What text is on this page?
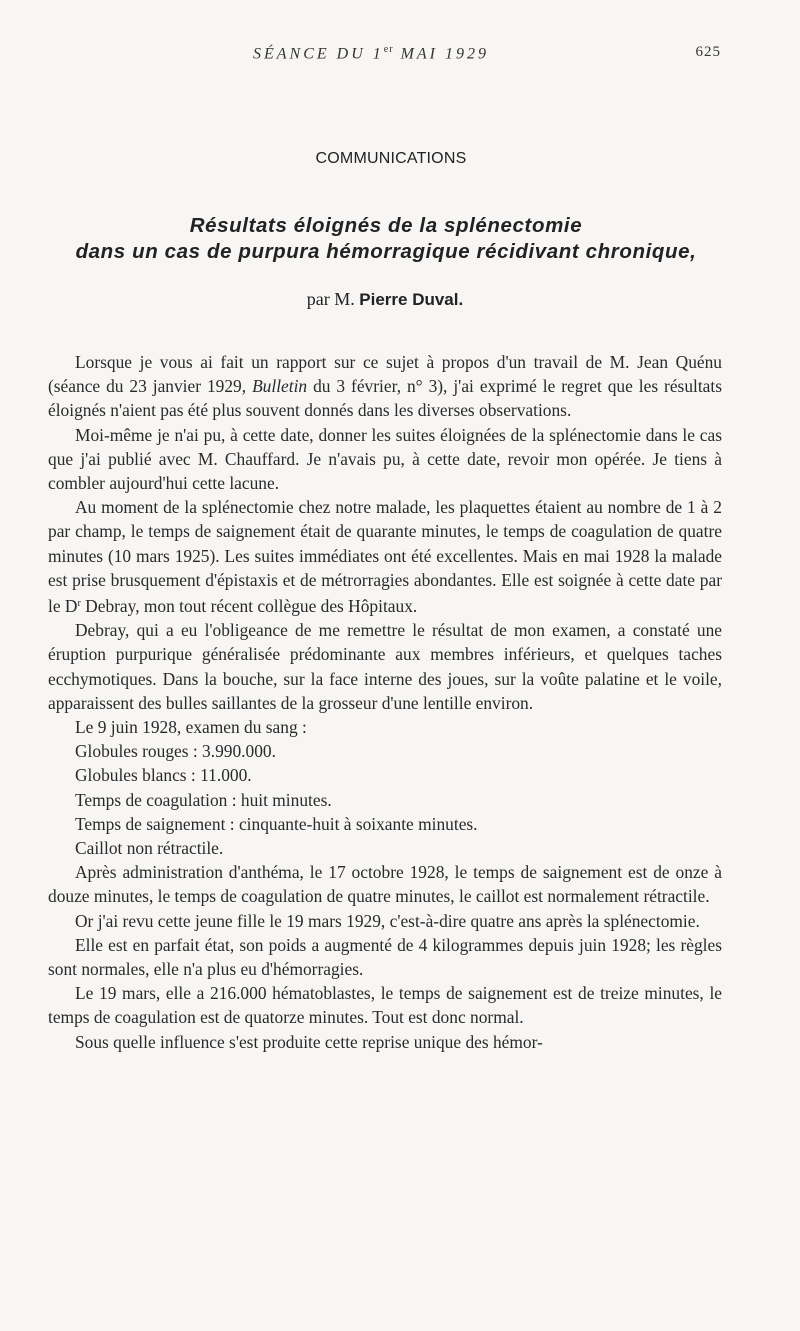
SÉANCE DU 1er MAI 1929	625
COMMUNICATIONS
Résultats éloignés de la splénectomie
dans un cas de purpura hémorragique récidivant chronique,
par M. Pierre Duval.

Lorsque je vous ai fait un rapport sur ce sujet à propos d'un travail de M. Jean Quénu (séance du 23 janvier 1929, Bulletin du 3 février, n° 3), j'ai exprimé le regret que les résultats éloignés n'aient pas été plus souvent donnés dans les diverses observations.

Moi-même je n'ai pu, à cette date, donner les suites éloignées de la splénectomie dans le cas que j'ai publié avec M. Chauffard. Je n'avais pu, à cette date, revoir mon opérée. Je tiens à combler aujourd'hui cette lacune.

Au moment de la splénectomie chez notre malade, les plaquettes étaient au nombre de 1 à 2 par champ, le temps de saignement était de quarante minutes, le temps de coagulation de quatre minutes (10 mars 1925). Les suites immédiates ont été excellentes. Mais en mai 1928 la malade est prise brusquement d'épistaxis et de métrorragies abondantes. Elle est soignée à cette date par le $D^r$ Debray, mon tout récent collègue des Hôpitaux.

Debray, qui a eu l'obligeance de me remettre le résultat de mon examen, a constaté une éruption purpurique généralisée prédominante aux membres inférieurs, et quelques taches ecchymotiques. Dans la bouche, sur la face interne des joues, sur la voûte palatine et le voile, apparaissent des bulles saillantes de la grosseur d'une lentille environ.

Le 9 juin 1928, examen du sang :

Globules rouges : 3.990.000.

Globules blancs : 11.000.

Temps de coagulation : huit minutes.

Temps de saignement : cinquante-huit à soixante minutes.

Caillot non rétractile.

Après administration d'anthéma, le 17 octobre 1928, le temps de saignement est de onze à douze minutes, le temps de coagulation de quatre minutes, le caillot est normalement rétractile.

Or j'ai revu cette jeune fille le 19 mars 1929, c'est-à-dire quatre ans après la splénectomie.

Elle est en parfait état, son poids a augmenté de 4 kilogrammes depuis juin 1928; les règles sont normales, elle n'a plus eu d'hémorragies.

Le 19 mars, elle a 216.000 hématoblastes, le temps de saignement est de treize minutes, le temps de coagulation est de quatorze minutes. Tout est donc normal.

Sous quelle influence s'est produite cette reprise unique des hémor-
